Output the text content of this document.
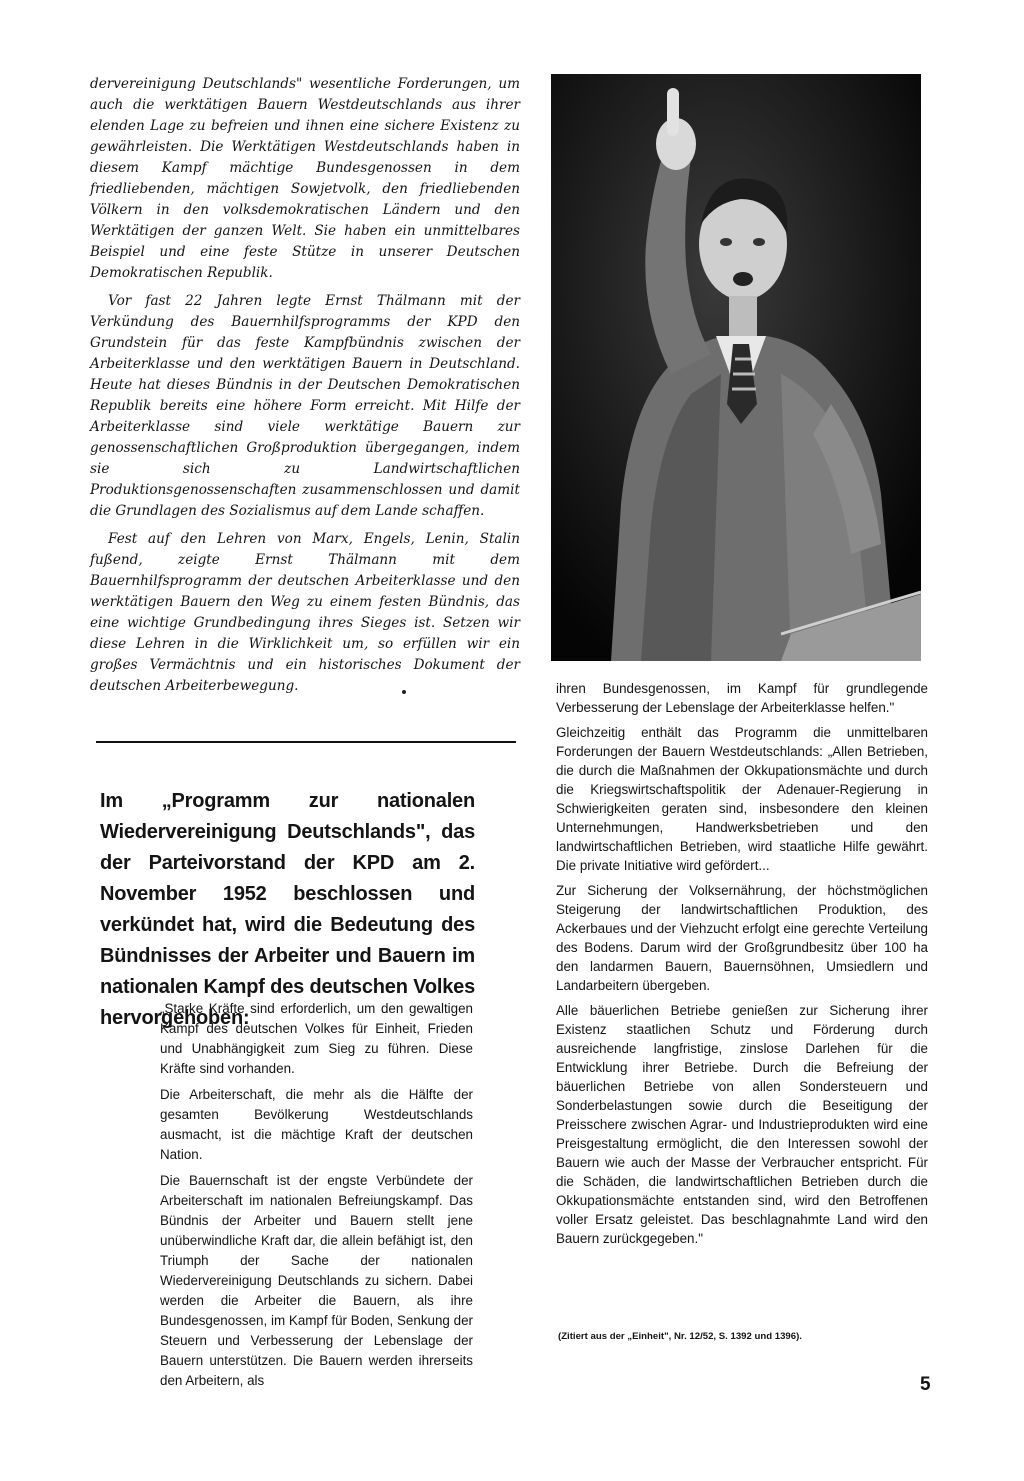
dervereinigung Deutschlands" wesentliche Forderungen, um auch die werktätigen Bauern Westdeutschlands aus ihrer elenden Lage zu befreien und ihnen eine sichere Existenz zu gewährleisten. Die Werktätigen Westdeutschlands haben in diesem Kampf mächtige Bundesgenossen in dem friedliebenden, mächtigen Sowjetvolk, den friedliebenden Völkern in den volksdemokratischen Ländern und den Werktätigen der ganzen Welt. Sie haben ein unmittelbares Beispiel und eine feste Stütze in unserer Deutschen Demokratischen Republik.

Vor fast 22 Jahren legte Ernst Thälmann mit der Verkündung des Bauernhilfsprogramms der KPD den Grundstein für das feste Kampfbündnis zwischen der Arbeiterklasse und den werktätigen Bauern in Deutschland. Heute hat dieses Bündnis in der Deutschen Demokratischen Republik bereits eine höhere Form erreicht. Mit Hilfe der Arbeiterklasse sind viele werktätige Bauern zur genossenschaftlichen Großproduktion übergegangen, indem sie sich zu Landwirtschaftlichen Produktionsgenossenschaften zusammenschlossen und damit die Grundlagen des Sozialismus auf dem Lande schaffen.

Fest auf den Lehren von Marx, Engels, Lenin, Stalin fußend, zeigte Ernst Thälmann mit dem Bauernhilfsprogramm der deutschen Arbeiterklasse und den werktätigen Bauern den Weg zu einem festen Bündnis, das eine wichtige Grundbedingung ihres Sieges ist. Setzen wir diese Lehren in die Wirklichkeit um, so erfüllen wir ein großes Vermächtnis und ein historisches Dokument der deutschen Arbeiterbewegung.

Im „Programm zur nationalen Wiedervereinigung Deutschlands", das der Parteivorstand der KPD am 2. November 1952 beschlossen und verkündet hat, wird die Bedeutung des Bündnisses der Arbeiter und Bauern im nationalen Kampf des deutschen Volkes hervorgehoben:

„Starke Kräfte sind erforderlich, um den gewaltigen Kampf des deutschen Volkes für Einheit, Frieden und Unabhängigkeit zum Sieg zu führen. Diese Kräfte sind vorhanden.

Die Arbeiterschaft, die mehr als die Hälfte der gesamten Bevölkerung Westdeutschlands ausmacht, ist die mächtige Kraft der deutschen Nation.

Die Bauernschaft ist der engste Verbündete der Arbeiterschaft im nationalen Befreiungskampf. Das Bündnis der Arbeiter und Bauern stellt jene unüberwindliche Kraft dar, die allein befähigt ist, den Triumph der Sache der nationalen Wiedervereinigung Deutschlands zu sichern. Dabei werden die Arbeiter die Bauern, als ihre Bundesgenossen, im Kampf für Boden, Senkung der Steuern und Verbesserung der Lebenslage der Bauern unterstützen. Die Bauern werden ihrerseits den Arbeitern, als

ihren Bundesgenossen, im Kampf für grundlegende Verbesserung der Lebenslage der Arbeiterklasse helfen."

Gleichzeitig enthält das Programm die unmittelbaren Forderungen der Bauern Westdeutschlands: „Allen Betrieben, die durch die Maßnahmen der Okkupationsmächte und durch die Kriegswirtschaftspolitik der Adenauer-Regierung in Schwierigkeiten geraten sind, insbesondere den kleinen Unternehmungen, Handwerksbetrieben und den landwirtschaftlichen Betrieben, wird staatliche Hilfe gewährt. Die private Initiative wird gefördert...

Zur Sicherung der Volksernährung, der höchstmöglichen Steigerung der landwirtschaftlichen Produktion, des Ackerbaues und der Viehzucht erfolgt eine gerechte Verteilung des Bodens. Darum wird der Großgrundbesitz über 100 ha den landarmen Bauern, Bauernsöhnen, Umsiedlern und Landarbeitern übergeben.

Alle bäuerlichen Betriebe genießen zur Sicherung ihrer Existenz staatlichen Schutz und Förderung durch ausreichende langfristige, zinslose Darlehen für die Entwicklung ihrer Betriebe. Durch die Befreiung der bäuerlichen Betriebe von allen Sondersteuern und Sonderbelastungen sowie durch die Beseitigung der Preisschere zwischen Agrar- und Industrieprodukten wird eine Preisgestaltung ermöglicht, die den Interessen sowohl der Bauern wie auch der Masse der Verbraucher entspricht. Für die Schäden, die landwirtschaftlichen Betrieben durch die Okkupationsmächte entstanden sind, wird den Betroffenen voller Ersatz geleistet. Das beschlagnahmte Land wird den Bauern zurückgegeben."

(Zitiert aus der „Einheit", Nr. 12/52, S. 1392 und 1396).
5
